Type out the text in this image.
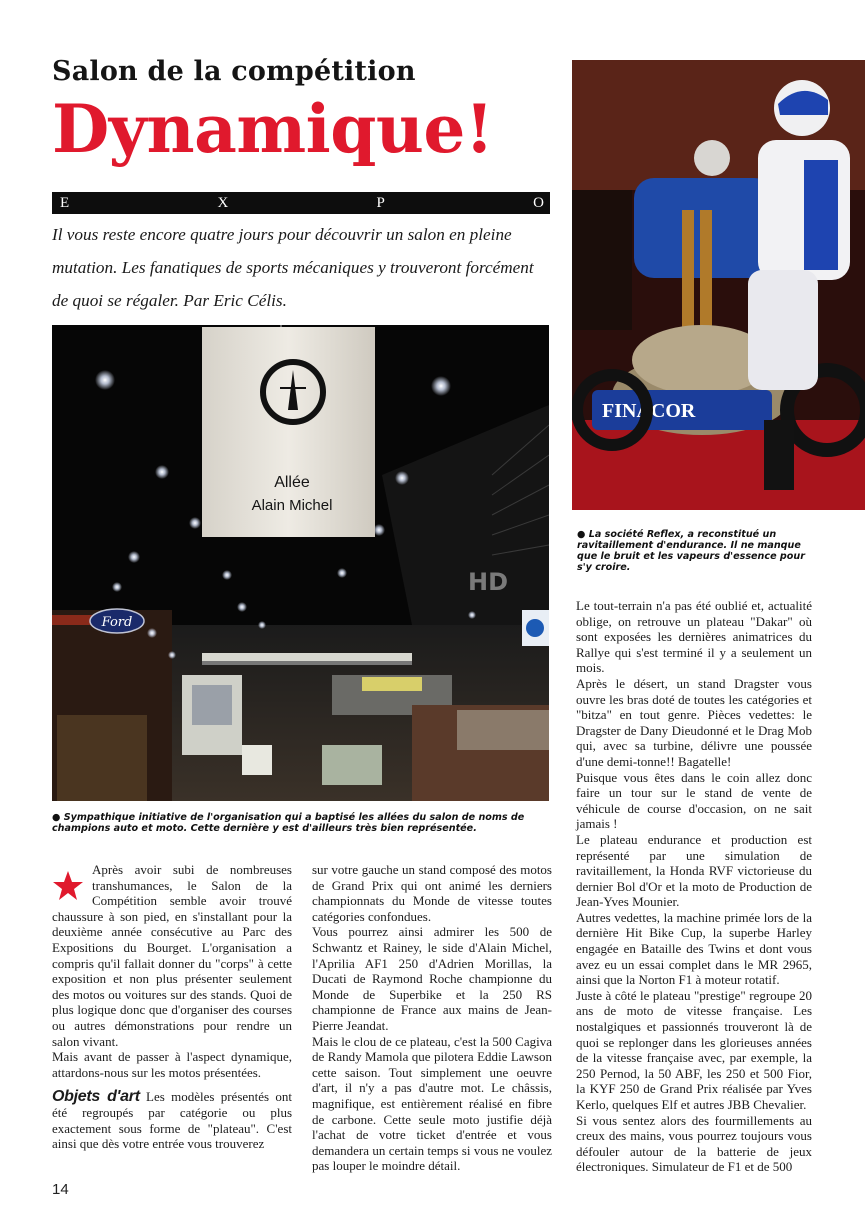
Salon de la compétition
Dynamique!
E	X	P	O
Il vous reste encore quatre jours pour découvrir un salon en pleine mutation. Les fanatiques de sports mécaniques y trouveront forcément de quoi se régaler. Par Eric Célis.
Ford
Allée
Alain Michel
HD
FINACOR
● La société Reflex, a reconstitué un ravitaillement d'endurance. Il ne manque que le bruit et les vapeurs d'essence pour s'y croire.
● Sympathique initiative de l'organisation qui a baptisé les allées du salon de noms de champions auto et moto. Cette dernière y est d'ailleurs très bien représentée.

Après avoir subi de nombreuses transhumances, le Salon de la Compétition semble avoir trouvé chaussure à son pied, en s'installant pour la deuxième année consécutive au Parc des Expositions du Bourget. L'organisation a compris qu'il fallait donner du "corps" à cette exposition et non plus présenter seulement des motos ou voitures sur des stands. Quoi de plus logique donc que d'organiser des courses ou autres démonstrations pour rendre un salon vivant.

Mais avant de passer à l'aspect dynamique, attardons-nous sur les motos présentées.

Objets d'art Les modèles présentés ont été regroupés par catégorie ou plus exactement sous forme de "plateau". C'est ainsi que dès votre entrée vous trouverez

sur votre gauche un stand composé des motos de Grand Prix qui ont animé les derniers championnats du Monde de vitesse toutes catégories confondues.

Vous pourrez ainsi admirer les 500 de Schwantz et Rainey, le side d'Alain Michel, l'Aprilia AF1 250 d'Adrien Morillas, la Ducati de Raymond Roche championne du Monde de Superbike et la 250 RS championne de France aux mains de Jean-Pierre Jeandat.

Mais le clou de ce plateau, c'est la 500 Cagiva de Randy Mamola que pilotera Eddie Lawson cette saison. Tout simplement une oeuvre d'art, il n'y a pas d'autre mot. Le châssis, magnifique, est entièrement réalisé en fibre de carbone. Cette seule moto justifie déjà l'achat de votre ticket d'entrée et vous demandera un certain temps si vous ne voulez pas louper le moindre détail.

Le tout-terrain n'a pas été oublié et, actualité oblige, on retrouve un plateau "Dakar" où sont exposées les dernières animatrices du Rallye qui s'est terminé il y a seulement un mois.

Après le désert, un stand Dragster vous ouvre les bras doté de toutes les catégories et "bitza" en tout genre. Pièces vedettes: le Dragster de Dany Dieudonné et le Drag Mob qui, avec sa turbine, délivre une poussée d'une demi-tonne!! Bagatelle!

Puisque vous êtes dans le coin allez donc faire un tour sur le stand de vente de véhicule de course d'occasion, on ne sait jamais !

Le plateau endurance et production est représenté par une simulation de ravitaillement, la Honda RVF victorieuse du dernier Bol d'Or et la moto de Production de Jean-Yves Mounier.

Autres vedettes, la machine primée lors de la dernière Hit Bike Cup, la superbe Harley engagée en Bataille des Twins et dont vous avez eu un essai complet dans le MR 2965, ainsi que la Norton F1 à moteur rotatif.

Juste à côté le plateau "prestige" regroupe 20 ans de moto de vitesse française. Les nostalgiques et passionnés trouveront là de quoi se replonger dans les glorieuses années de la vitesse française avec, par exemple, la 250 Pernod, la 50 ABF, les 250 et 500 Fior, la KYF 250 de Grand Prix réalisée par Yves Kerlo, quelques Elf et autres JBB Chevalier.

Si vous sentez alors des fourmillements au creux des mains, vous pourrez toujours vous défouler autour de la batterie de jeux électroniques. Simulateur de F1 et de 500

14
